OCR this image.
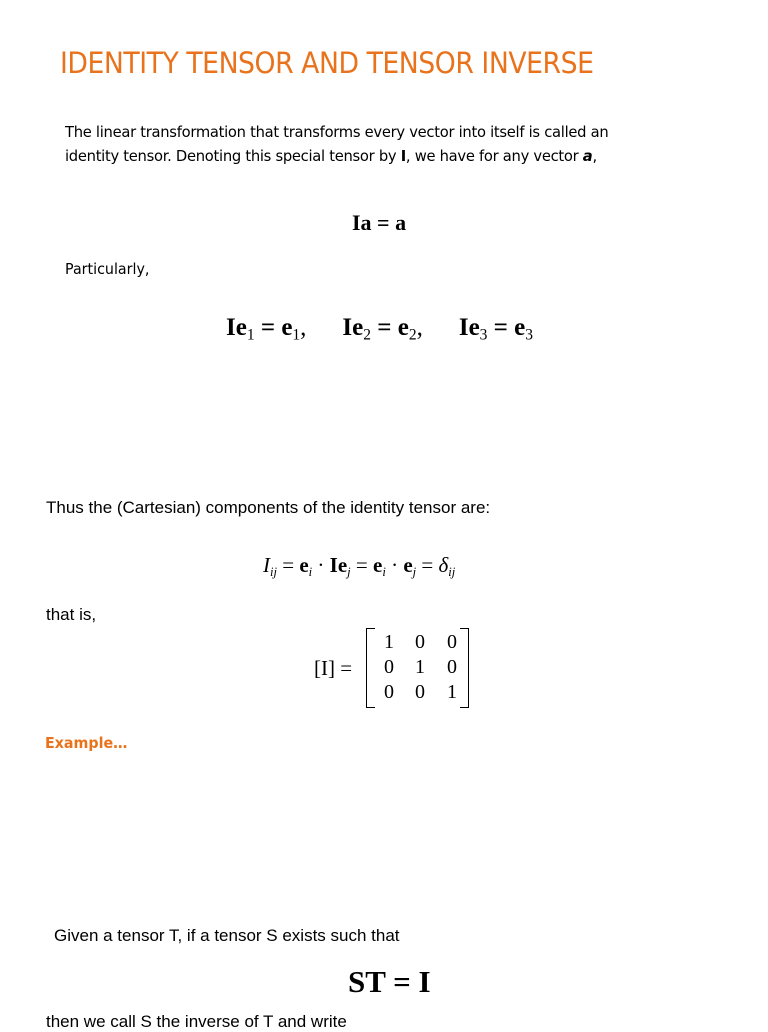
IDENTITY TENSOR AND TENSOR INVERSE
The linear transformation that transforms every vector into itself is called an identity tensor. Denoting this special tensor by I, we have for any vector a,
Ia = a
Particularly,
$Ie_1 = e_1$, $Ie_2 = e_2$, $Ie_3 = e_3$
Thus the (Cartesian) components of the identity tensor are:
$I_{ij} = e_i \cdot Ie_j = e_i \cdot e_j = \delta_{ij}$
that is,
[I] =
1	0	0
0	1	0
0	0	1
Example…
Given a tensor T, if a tensor S exists such that
ST = I
then we call S the inverse of T and write
